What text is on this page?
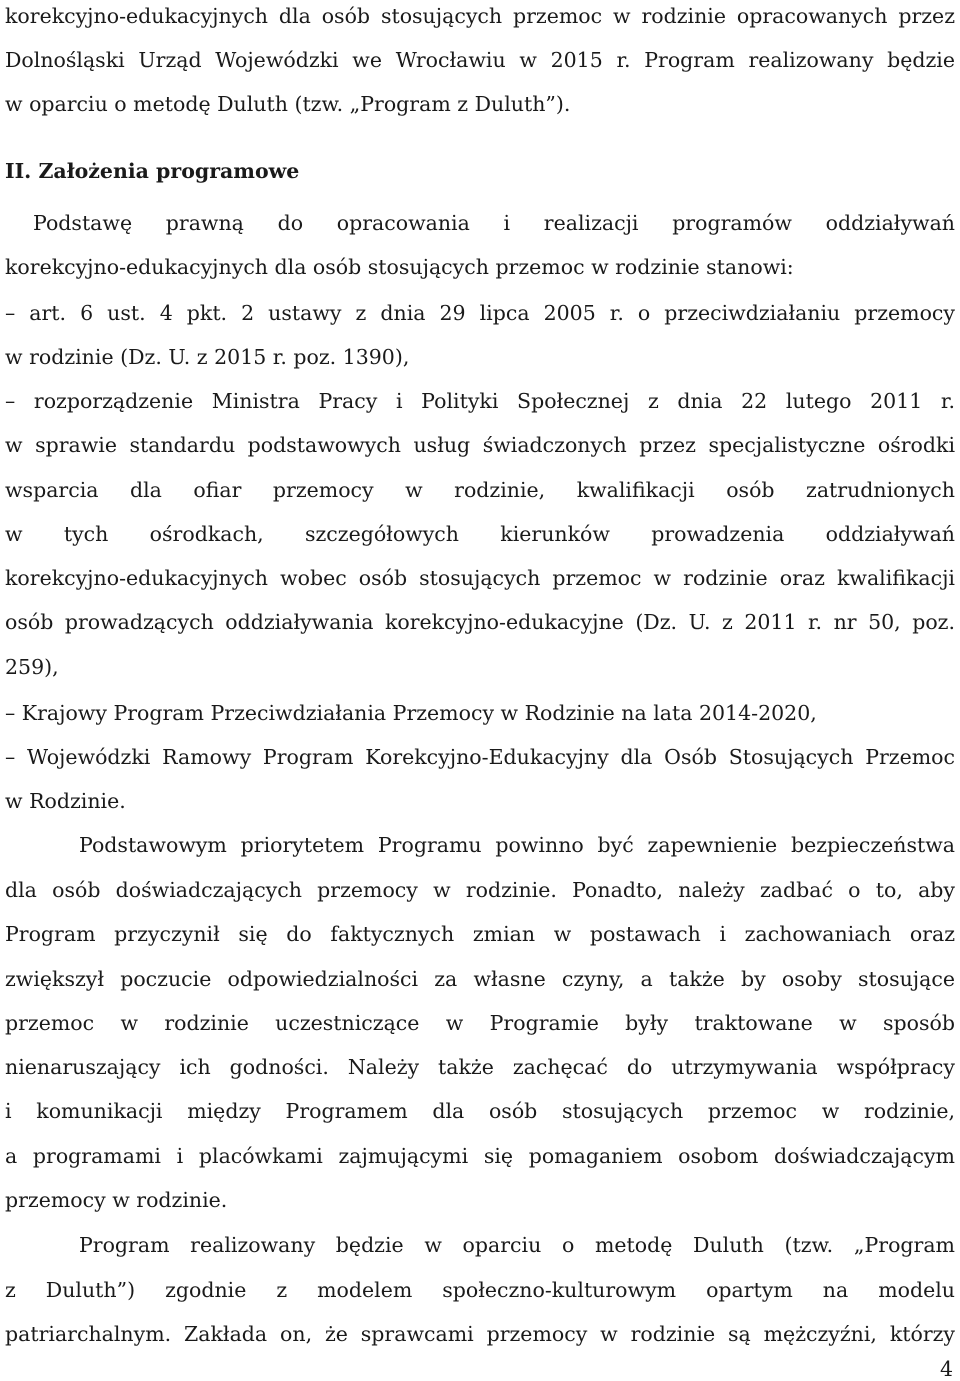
korekcyjno-edukacyjnych dla osób stosujących przemoc w rodzinie opracowanych przez
Dolnośląski Urząd Wojewódzki we Wrocławiu w 2015 r. Program realizowany będzie
w oparciu o metodę Duluth (tzw. „Program z Duluth”).
II. Założenia programowe
Podstawę prawną do opracowania i realizacji programów oddziaływań
korekcyjno-edukacyjnych dla osób stosujących przemoc w rodzinie stanowi:
– art. 6 ust. 4 pkt. 2 ustawy z dnia 29 lipca 2005 r. o przeciwdziałaniu przemocy
w rodzinie (Dz. U. z 2015 r. poz. 1390),
– rozporządzenie Ministra Pracy i Polityki Społecznej z dnia 22 lutego 2011 r.
w sprawie standardu podstawowych usług świadczonych przez specjalistyczne ośrodki
wsparcia dla ofiar przemocy w rodzinie, kwalifikacji osób zatrudnionych
w tych ośrodkach, szczegółowych kierunków prowadzenia oddziaływań
korekcyjno-edukacyjnych wobec osób stosujących przemoc w rodzinie oraz kwalifikacji
osób prowadzących oddziaływania korekcyjno-edukacyjne (Dz. U. z 2011 r. nr 50, poz.
259),
– Krajowy Program Przeciwdziałania Przemocy w Rodzinie na lata 2014-2020,
– Wojewódzki Ramowy Program Korekcyjno-Edukacyjny dla Osób Stosujących Przemoc
w Rodzinie.
Podstawowym priorytetem Programu powinno być zapewnienie bezpieczeństwa
dla osób doświadczających przemocy w rodzinie. Ponadto, należy zadbać o to, aby
Program przyczynił się do faktycznych zmian w postawach i zachowaniach oraz
zwiększył poczucie odpowiedzialności za własne czyny, a także by osoby stosujące
przemoc w rodzinie uczestniczące w Programie były traktowane w sposób
nienaruszający ich godności. Należy także zachęcać do utrzymywania współpracy
i komunikacji między Programem dla osób stosujących przemoc w rodzinie,
a programami i placówkami zajmującymi się pomaganiem osobom doświadczającym
przemocy w rodzinie.
Program realizowany będzie w oparciu o metodę Duluth (tzw. „Program
z Duluth”) zgodnie z modelem społeczno-kulturowym opartym na modelu
patriarchalnym. Zakłada on, że sprawcami przemocy w rodzinie są mężczyźni, którzy
4
